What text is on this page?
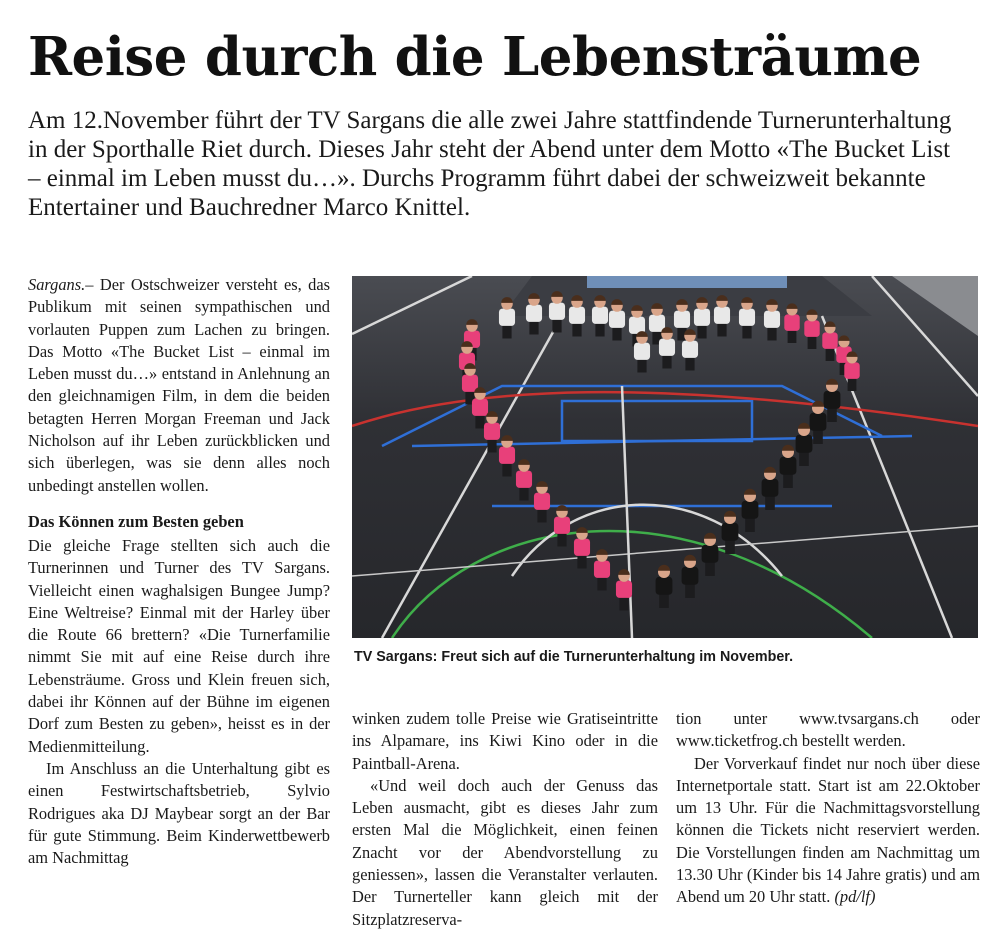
Reise durch die Lebensträume

Am 12.November führt der TV Sargans die alle zwei Jahre stattfindende Turnerunterhaltung in der Sporthalle Riet durch. Dieses Jahr steht der Abend unter dem Motto «The Bucket List – einmal im Leben musst du…». Durchs Programm führt dabei der schweizweit bekannte Entertainer und Bauchredner Marco Knittel.

Sargans.– Der Ostschweizer versteht es, das Publikum mit seinen sympathischen und vorlauten Puppen zum Lachen zu bringen. Das Motto «The Bucket List – einmal im Leben musst du…» entstand in Anlehnung an den gleichnamigen Film, in dem die beiden betagten Herren Morgan Freeman und Jack Nicholson auf ihr Leben zurückblicken und sich überlegen, was sie denn alles noch unbedingt anstellen wollen.

Das Können zum Besten geben

Die gleiche Frage stellten sich auch die Turnerinnen und Turner des TV Sargans. Vielleicht einen waghalsigen Bungee Jump? Eine Weltreise? Einmal mit der Harley über die Route 66 brettern? «Die Turnerfamilie nimmt Sie mit auf eine Reise durch ihre Lebensträume. Gross und Klein freuen sich, dabei ihr Können auf der Bühne im eigenen Dorf zum Besten zu geben», heisst es in der Medienmitteilung.

Im Anschluss an die Unterhaltung gibt es einen Festwirtschaftsbetrieb, Sylvio Rodrigues aka DJ Maybear sorgt an der Bar für gute Stimmung. Beim Kinderwettbewerb am Nachmittag

TV Sargans: Freut sich auf die Turnerunterhaltung im November.

winken zudem tolle Preise wie Gratiseintritte ins Alpamare, ins Kiwi Kino oder in die Paintball-Arena.

«Und weil doch auch der Genuss das Leben ausmacht, gibt es dieses Jahr zum ersten Mal die Möglichkeit, einen feinen Znacht vor der Abendvorstellung zu geniessen», lassen die Veranstalter verlauten. Der Turnerteller kann gleich mit der Sitzplatzreserva-

tion unter www.tvsargans.ch oder www.ticketfrog.ch bestellt werden.

Der Vorverkauf findet nur noch über diese Internetportale statt. Start ist am 22.Oktober um 13 Uhr. Für die Nachmittagsvorstellung können die Tickets nicht reserviert werden. Die Vorstellungen finden am Nachmittag um 13.30 Uhr (Kinder bis 14 Jahre gratis) und am Abend um 20 Uhr statt. (pd/lf)
